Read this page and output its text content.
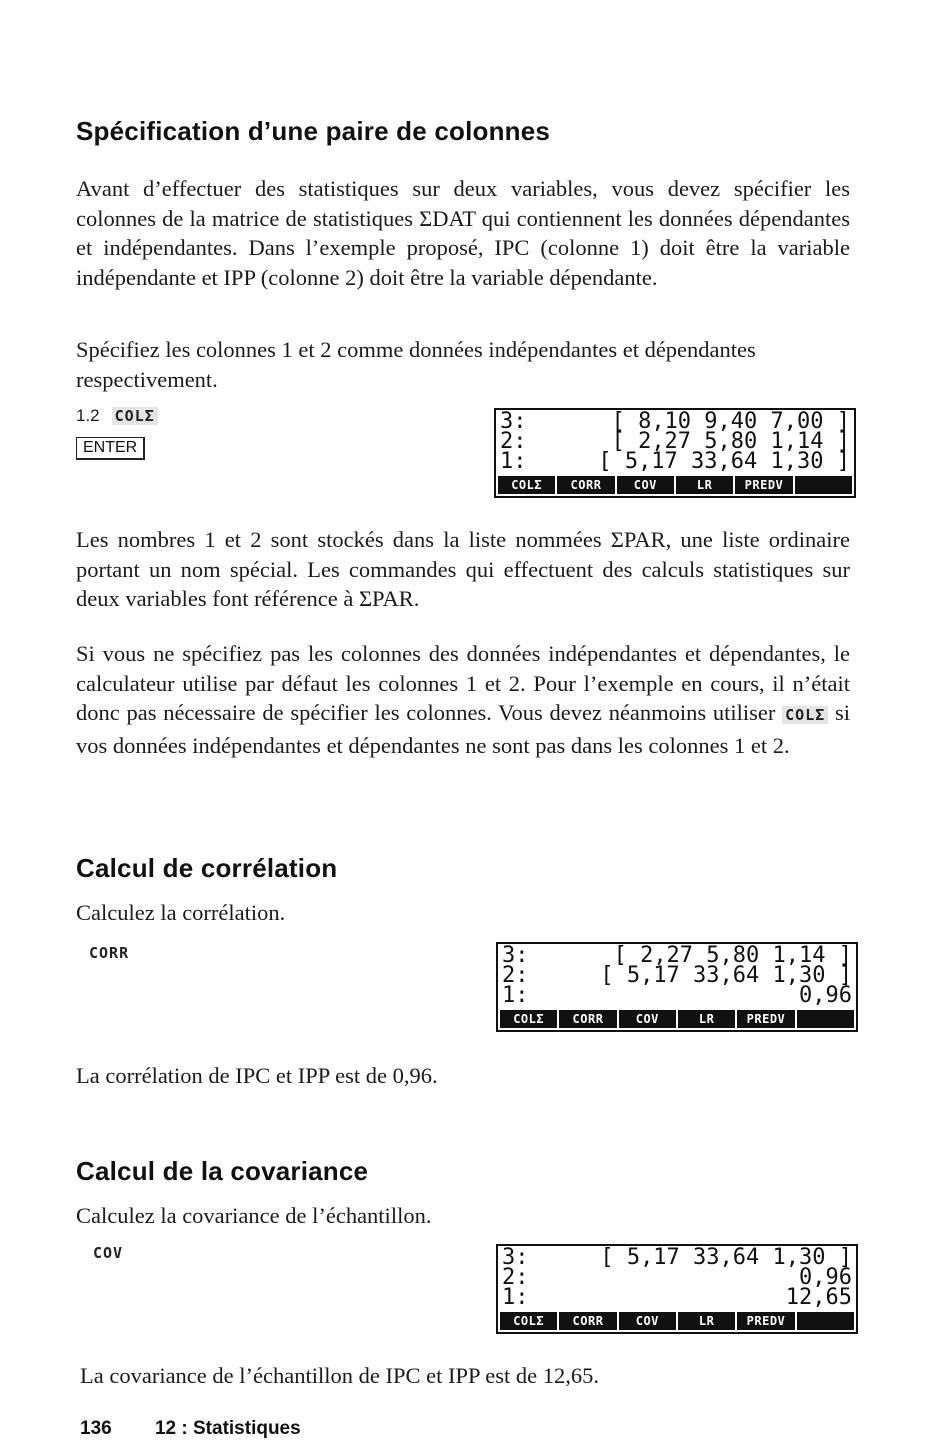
Spécification d’une paire de colonnes

Avant d’effectuer des statistiques sur deux variables, vous devez spécifier les colonnes de la matrice de statistiques ΣDAT qui contiennent les données dépendantes et indépendantes. Dans l’exemple proposé, IPC (colonne 1) doit être la variable indépendante et IPP (colonne 2) doit être la variable dépendante.

Spécifiez les colonnes 1 et 2 comme données indépendantes et dépendantes respectivement.

1.2 COLΣ
ENTER
3:	[ 8,10 9,40 7,00 ]
2:	[ 2,27 5,80 1,14 ]
1:	[ 5,17 33,64 1,30 ]
COLΣ	CORR	COV	LR	PREDV

Les nombres 1 et 2 sont stockés dans la liste nommées ΣPAR, une liste ordinaire portant un nom spécial. Les commandes qui effectuent des calculs statistiques sur deux variables font référence à ΣPAR.

Si vous ne spécifiez pas les colonnes des données indépendantes et dépendantes, le calculateur utilise par défaut les colonnes 1 et 2. Pour l’exemple en cours, il n’était donc pas nécessaire de spécifier les colonnes. Vous devez néanmoins utiliser COLΣ si vos données indépendantes et dépendantes ne sont pas dans les colonnes 1 et 2.

Calcul de corrélation

Calculez la corrélation.

CORR	3:	[ 2,27 5,80 1,14 ]
2:	[ 5,17 33,64 1,30 ]
1:	0,96
COLΣ	CORR	COV	LR	PREDV

La corrélation de IPC et IPP est de 0,96.

Calcul de la covariance

Calculez la covariance de l’échantillon.

COV	3:	[ 5,17 33,64 1,30 ]
2:	0,96
1:	12,65
COLΣ	CORR	COV	LR	PREDV

La covariance de l’échantillon de IPC et IPP est de 12,65.

136 12 : Statistiques
